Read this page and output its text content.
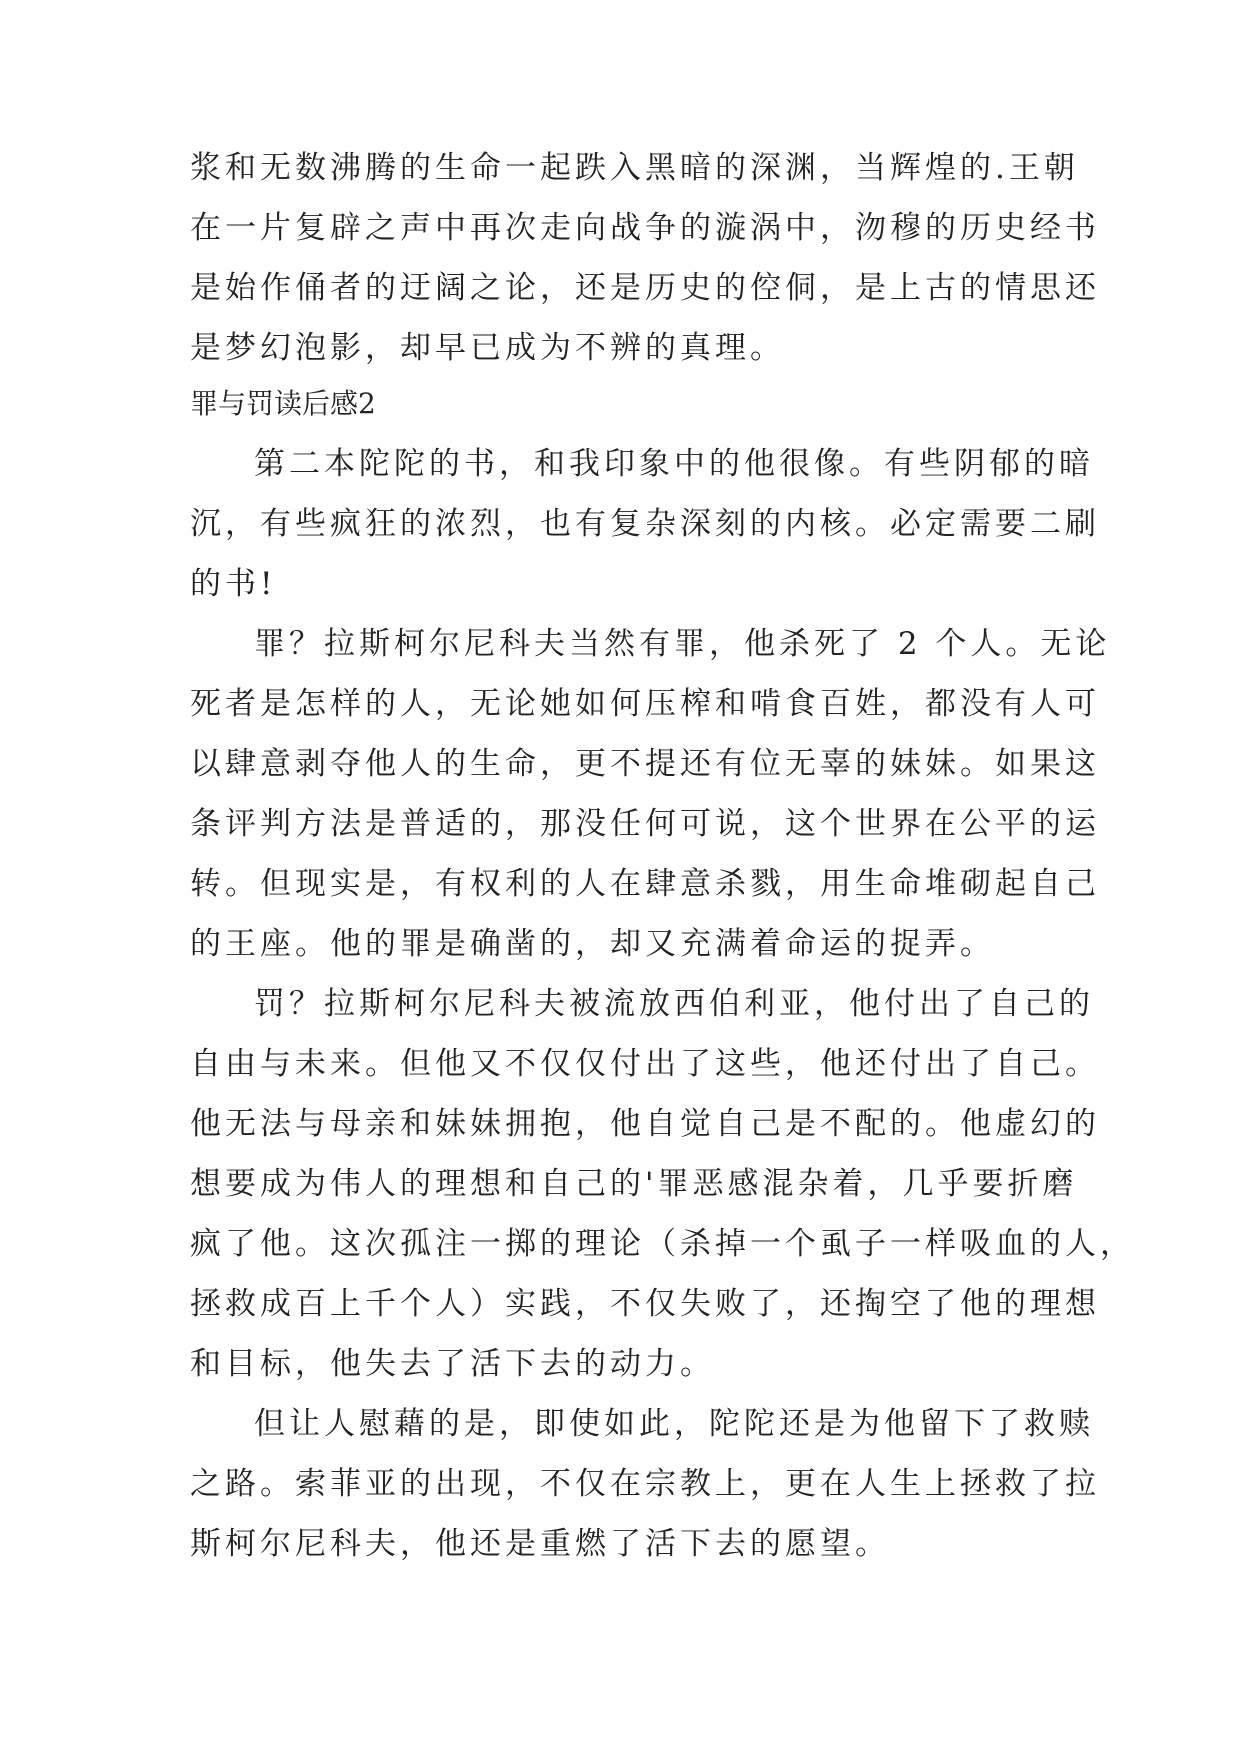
浆和无数沸腾的生命一起跌入黑暗的深渊，当辉煌的.王朝
在一片复辟之声中再次走向战争的漩涡中，沕穆的历史经书
是始作俑者的迂阔之论，还是历史的倥侗，是上古的情思还
是梦幻泡影，却早已成为不辨的真理。
罪与罚读后感2
第二本陀陀的书，和我印象中的他很像。有些阴郁的暗
沉，有些疯狂的浓烈，也有复杂深刻的内核。必定需要二刷
的书!
罪？拉斯柯尔尼科夫当然有罪，他杀死了 2 个人。无论
死者是怎样的人，无论她如何压榨和啃食百姓，都没有人可
以肆意剥夺他人的生命，更不提还有位无辜的妹妹。如果这
条评判方法是普适的，那没任何可说，这个世界在公平的运
转。但现实是，有权利的人在肆意杀戮，用生命堆砌起自己
的王座。他的罪是确凿的，却又充满着命运的捉弄。
罚？拉斯柯尔尼科夫被流放西伯利亚，他付出了自己的
自由与未来。但他又不仅仅付出了这些，他还付出了自己。
他无法与母亲和妹妹拥抱，他自觉自己是不配的。他虚幻的
想要成为伟人的理想和自己的'罪恶感混杂着，几乎要折磨
疯了他。这次孤注一掷的理论（杀掉一个虱子一样吸血的人，
拯救成百上千个人）实践，不仅失败了，还掏空了他的理想
和目标，他失去了活下去的动力。
但让人慰藉的是，即使如此，陀陀还是为他留下了救赎
之路。索菲亚的出现，不仅在宗教上，更在人生上拯救了拉
斯柯尔尼科夫，他还是重燃了活下去的愿望。
